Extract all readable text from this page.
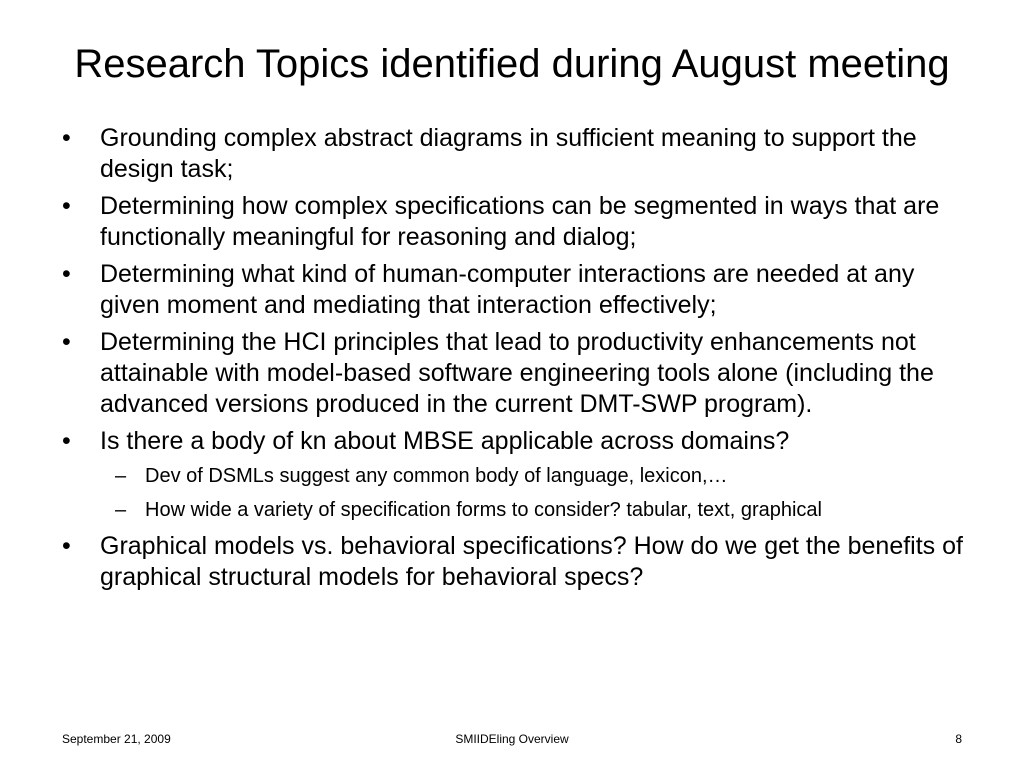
Research Topics identified during August meeting
• Grounding complex abstract diagrams in sufficient meaning to support the design task;
• Determining how complex specifications can be segmented in ways that are functionally meaningful for reasoning and dialog;
• Determining what kind of human-computer interactions are needed at any given moment and mediating that interaction effectively;
• Determining the HCI principles that lead to productivity enhancements not attainable with model-based software engineering tools alone (including the advanced versions produced in the current DMT-SWP program).
• Is there a body of kn about MBSE applicable across domains?
– Dev of DSMLs suggest any common body of language, lexicon,…
– How wide a variety of specification forms to consider? tabular, text, graphical
• Graphical models vs. behavioral specifications? How do we get the benefits of graphical structural models for behavioral specs?
September 21, 2009	SMIIDEling Overview	8
